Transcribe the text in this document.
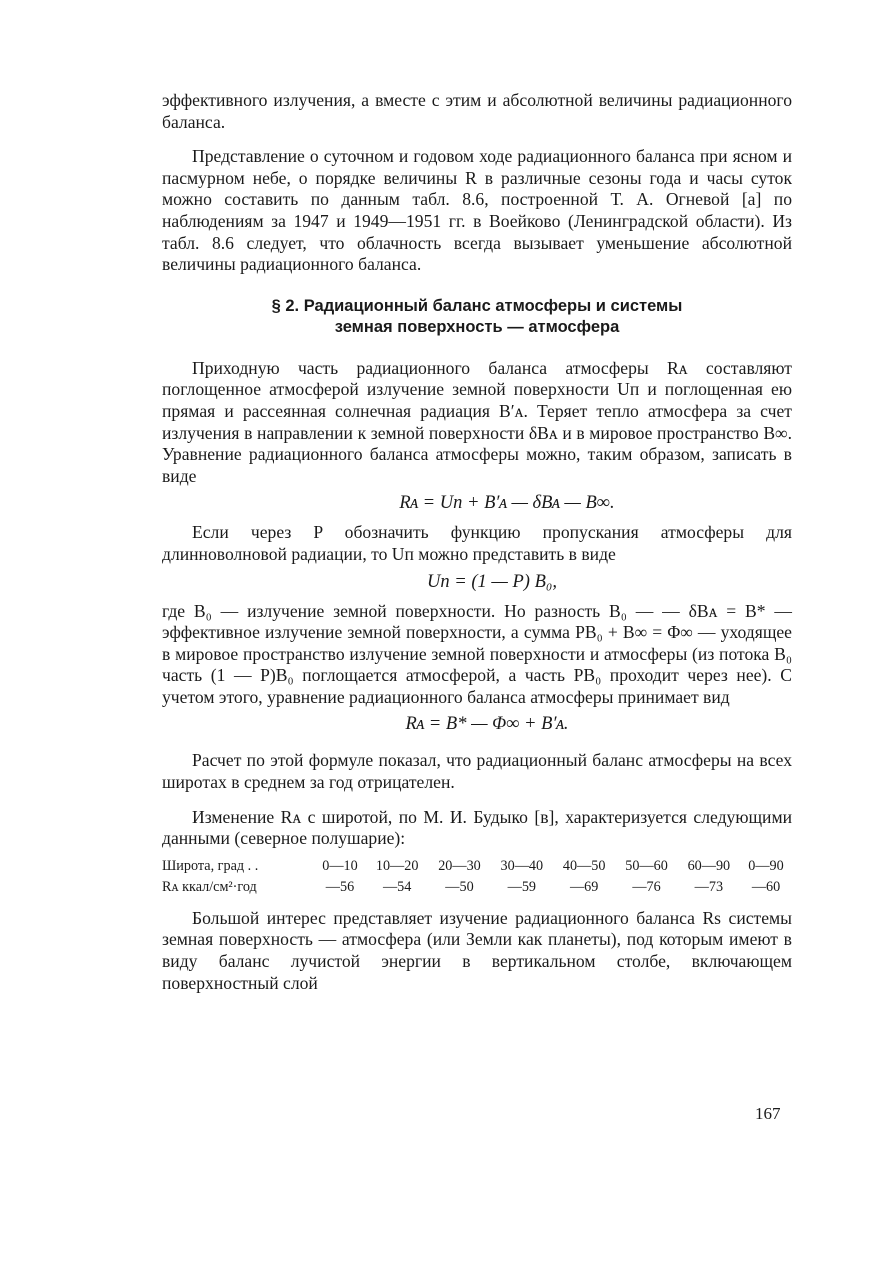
эффективного излучения, а вместе с этим и абсолютной величины радиационного баланса.

Представление о суточном и годовом ходе радиационного баланса при ясном и пасмурном небе, о порядке величины R в различные сезоны года и часы суток можно составить по данным табл. 8.6, построенной Т. А. Огневой [а] по наблюдениям за 1947 и 1949—1951 гг. в Воейково (Ленинградской области). Из табл. 8.6 следует, что облачность всегда вызывает уменьшение абсолютной величины радиационного баланса.

§ 2. Радиационный баланс атмосферы и системы
земная поверхность — атмосфера

Приходную часть радиационного баланса атмосферы Rᴀ составляют поглощенное атмосферой излучение земной поверхности Uп и поглощенная ею прямая и рассеянная солнечная радиация B′ᴀ. Теряет тепло атмосфера за счет излучения в направлении к земной поверхности δBᴀ и в мировое пространство B∞. Уравнение радиационного баланса атмосферы можно, таким образом, записать в виде

Rᴀ = Uп + B′ᴀ — δBᴀ — B∞.

Если через P обозначить функцию пропускания атмосферы для длинноволновой радиации, то Uп можно представить в виде

Uп = (1 — P) B₀,

где B₀ — излучение земной поверхности. Но разность B₀ — — δBᴀ = B* — эффективное излучение земной поверхности, а сумма PB₀ + B∞ = Φ∞ — уходящее в мировое пространство излучение земной поверхности и атмосферы (из потока B₀ часть (1 — P)B₀ поглощается атмосферой, а часть PB₀ проходит через нее). С учетом этого, уравнение радиационного баланса атмосферы принимает вид

Rᴀ = B* — Φ∞ + B′ᴀ.

Расчет по этой формуле показал, что радиационный баланс атмосферы на всех широтах в среднем за год отрицателен.

Изменение Rᴀ с широтой, по М. И. Будыко [в], характеризуется следующими данными (северное полушарие):

Широта, град . .	0—10	10—20	20—30	30—40	40—50	50—60	60—90	0—90
Rᴀ ккал/см²·год	—56	—54	—50	—59	—69	—76	—73	—60

Большой интерес представляет изучение радиационного баланса Rs системы земная поверхность — атмосфера (или Земли как планеты), под которым имеют в виду баланс лучистой энергии в вертикальном столбе, включающем поверхностный слой

167
